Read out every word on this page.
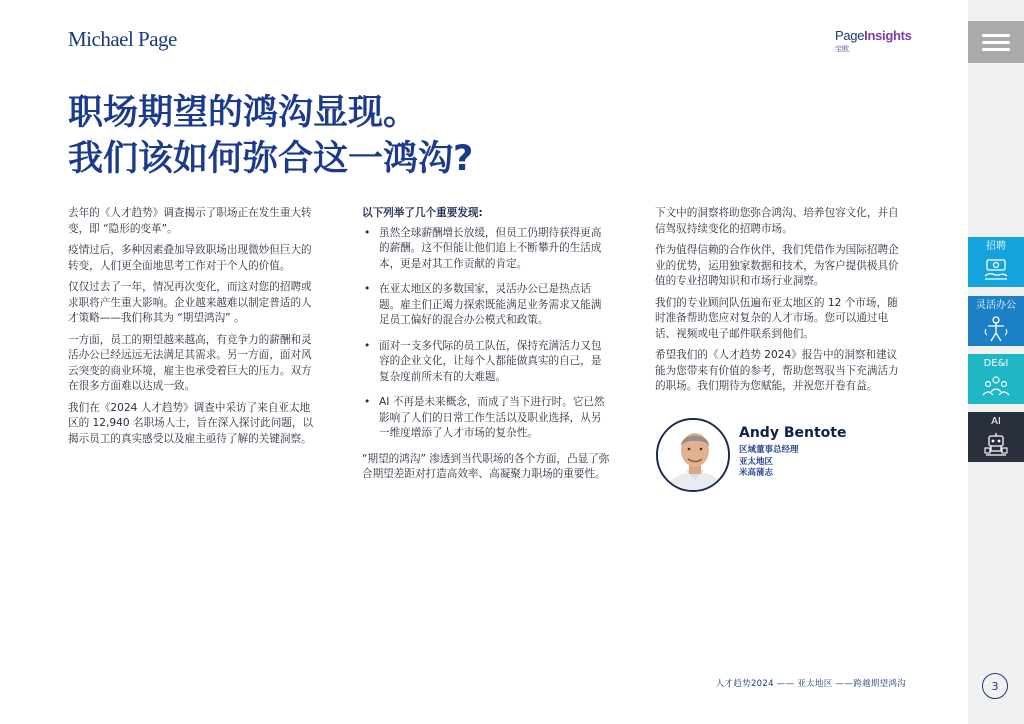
Michael Page	PageInsights
宝欧
职场期望的鸿沟显现。
我们该如何弥合这一鸿沟?

去年的《人才趋势》调查揭示了职场正在发生重大转变，即 “隐形的变革”。

疫情过后，多种因素叠加导致职场出现微妙但巨大的转变，人们更全面地思考工作对于个人的价值。

仅仅过去了一年，情况再次变化，而这对您的招聘或求职将产生重大影响。企业越来越难以制定普适的人才策略——我们称其为 “期望鸿沟” 。

一方面，员工的期望越来越高，有竞争力的薪酬和灵活办公已经远远无法满足其需求。另一方面，面对风云突变的商业环境，雇主也承受着巨大的压力。双方在很多方面难以达成一致。

我们在《2024 人才趋势》调查中采访了来自亚太地区的 12,940 名职场人士，旨在深入探讨此问题，以揭示员工的真实感受以及雇主亟待了解的关键洞察。

以下列举了几个重要发现:
• 虽然全球薪酬增长放缓，但员工仍期待获得更高的薪酬。这不但能让他们追上不断攀升的生活成本，更是对其工作贡献的肯定。
• 在亚太地区的多数国家，灵活办公已是热点话题。雇主们正竭力探索既能满足业务需求又能满足员工偏好的混合办公模式和政策。
• 面对一支多代际的员工队伍，保持充满活力又包容的企业文化，让每个人都能做真实的自己，是复杂度前所未有的大难题。
• AI 不再是未来概念，而成了当下进行时。它已然影响了人们的日常工作生活以及职业选择，从另一维度增添了人才市场的复杂性。

“期望的鸿沟” 渗透到当代职场的各个方面，凸显了弥合期望差距对打造高效率、高凝聚力职场的重要性。

下文中的洞察将助您弥合鸿沟、培养包容文化，并自信驾驭持续变化的招聘市场。

作为值得信赖的合作伙伴，我们凭借作为国际招聘企业的优势，运用独家数据和技术，为客户提供极具价值的专业招聘知识和市场行业洞察。

我们的专业顾问队伍遍布亚太地区的 12 个市场，随时准备帮助您应对复杂的人才市场。您可以通过电话、视频或电子邮件联系到他们。

希望我们的《人才趋势 2024》报告中的洞察和建议能为您带来有价值的参考，帮助您驾驭当下充满活力的职场。我们期待为您赋能，并祝您开卷有益。

Andy Bentote
区域董事总经理
亚太地区
米高蒲志
人才趋势2024 —— 亚太地区 ——跨越期望鸿沟
招聘
灵活办公
DE&I
AI
3
